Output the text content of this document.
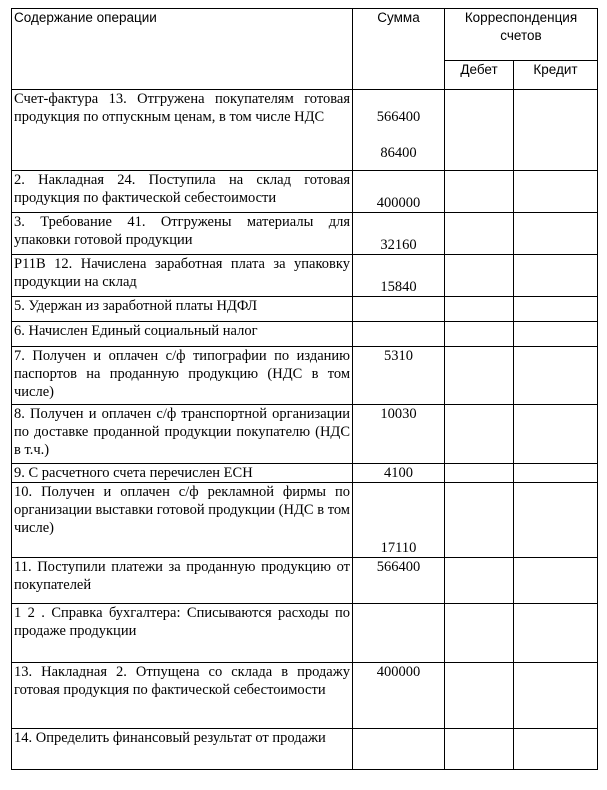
Содержание операции	Сумма	Корреспонденция счетов	
		Дебет	Кредит
Счет-фактура 13. Отгружена покупателям готовая продукция по отпускным ценам, в том числе НДС	566400
86400		

2. Накладная 24. Поступила на склад готовая продукция по фактической себестоимости	400000		
3. Требование 41. Отгружены материалы для упаковки готовой продукции	32160		
Р11В 12. Начислена заработная плата за упаковку продукции на склад	15840		
5. Удержан из заработной платы НДФЛ			
6. Начислен Единый социальный налог			
7. Получен и оплачен с/ф типографии по изданию паспортов на проданную продукцию (НДС в том числе)	5310		
8. Получен и оплачен с/ф транспортной организации по доставке проданной продукции покупателю (НДС в т.ч.)	10030		
9. С расчетного счета перечислен ЕСН	4100		
10. Получен и оплачен с/ф рекламной фирмы по организации выставки готовой продукции (НДС в том числе)	17110		
11. Поступили платежи за проданную продукцию от покупателей	566400		
1 2 . Справка бухгалтера: Списываются расходы по продаже продукции			
13. Накладная 2. Отпущена со склада в продажу готовая продукция по фактической себестоимости	400000		
14. Определить финансовый результат от продажи			
